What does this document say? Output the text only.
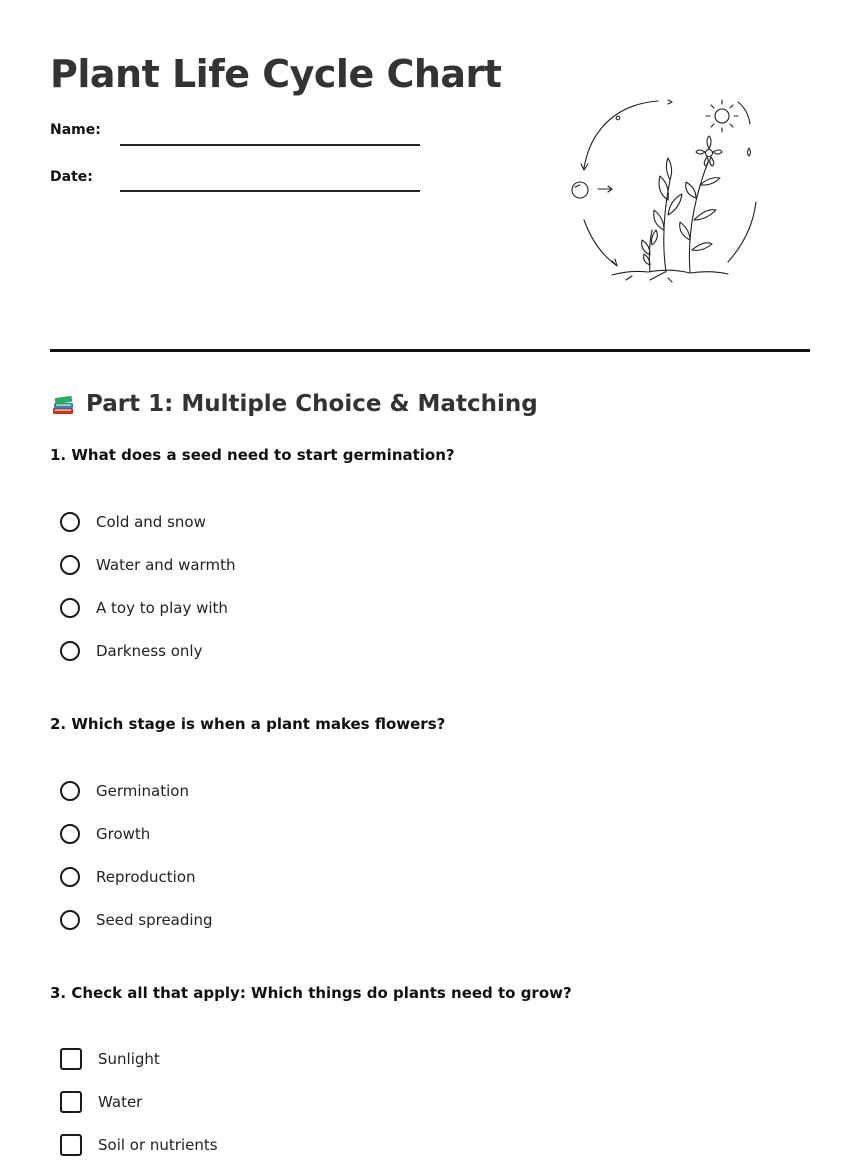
Plant Life Cycle Chart
Name:
Date:
Part 1: Multiple Choice & Matching
1. What does a seed need to start germination?
Cold and snow
Water and warmth
A toy to play with
Darkness only
2. Which stage is when a plant makes flowers?
Germination
Growth
Reproduction
Seed spreading
3. Check all that apply: Which things do plants need to grow?
Sunlight
Water
Soil or nutrients
